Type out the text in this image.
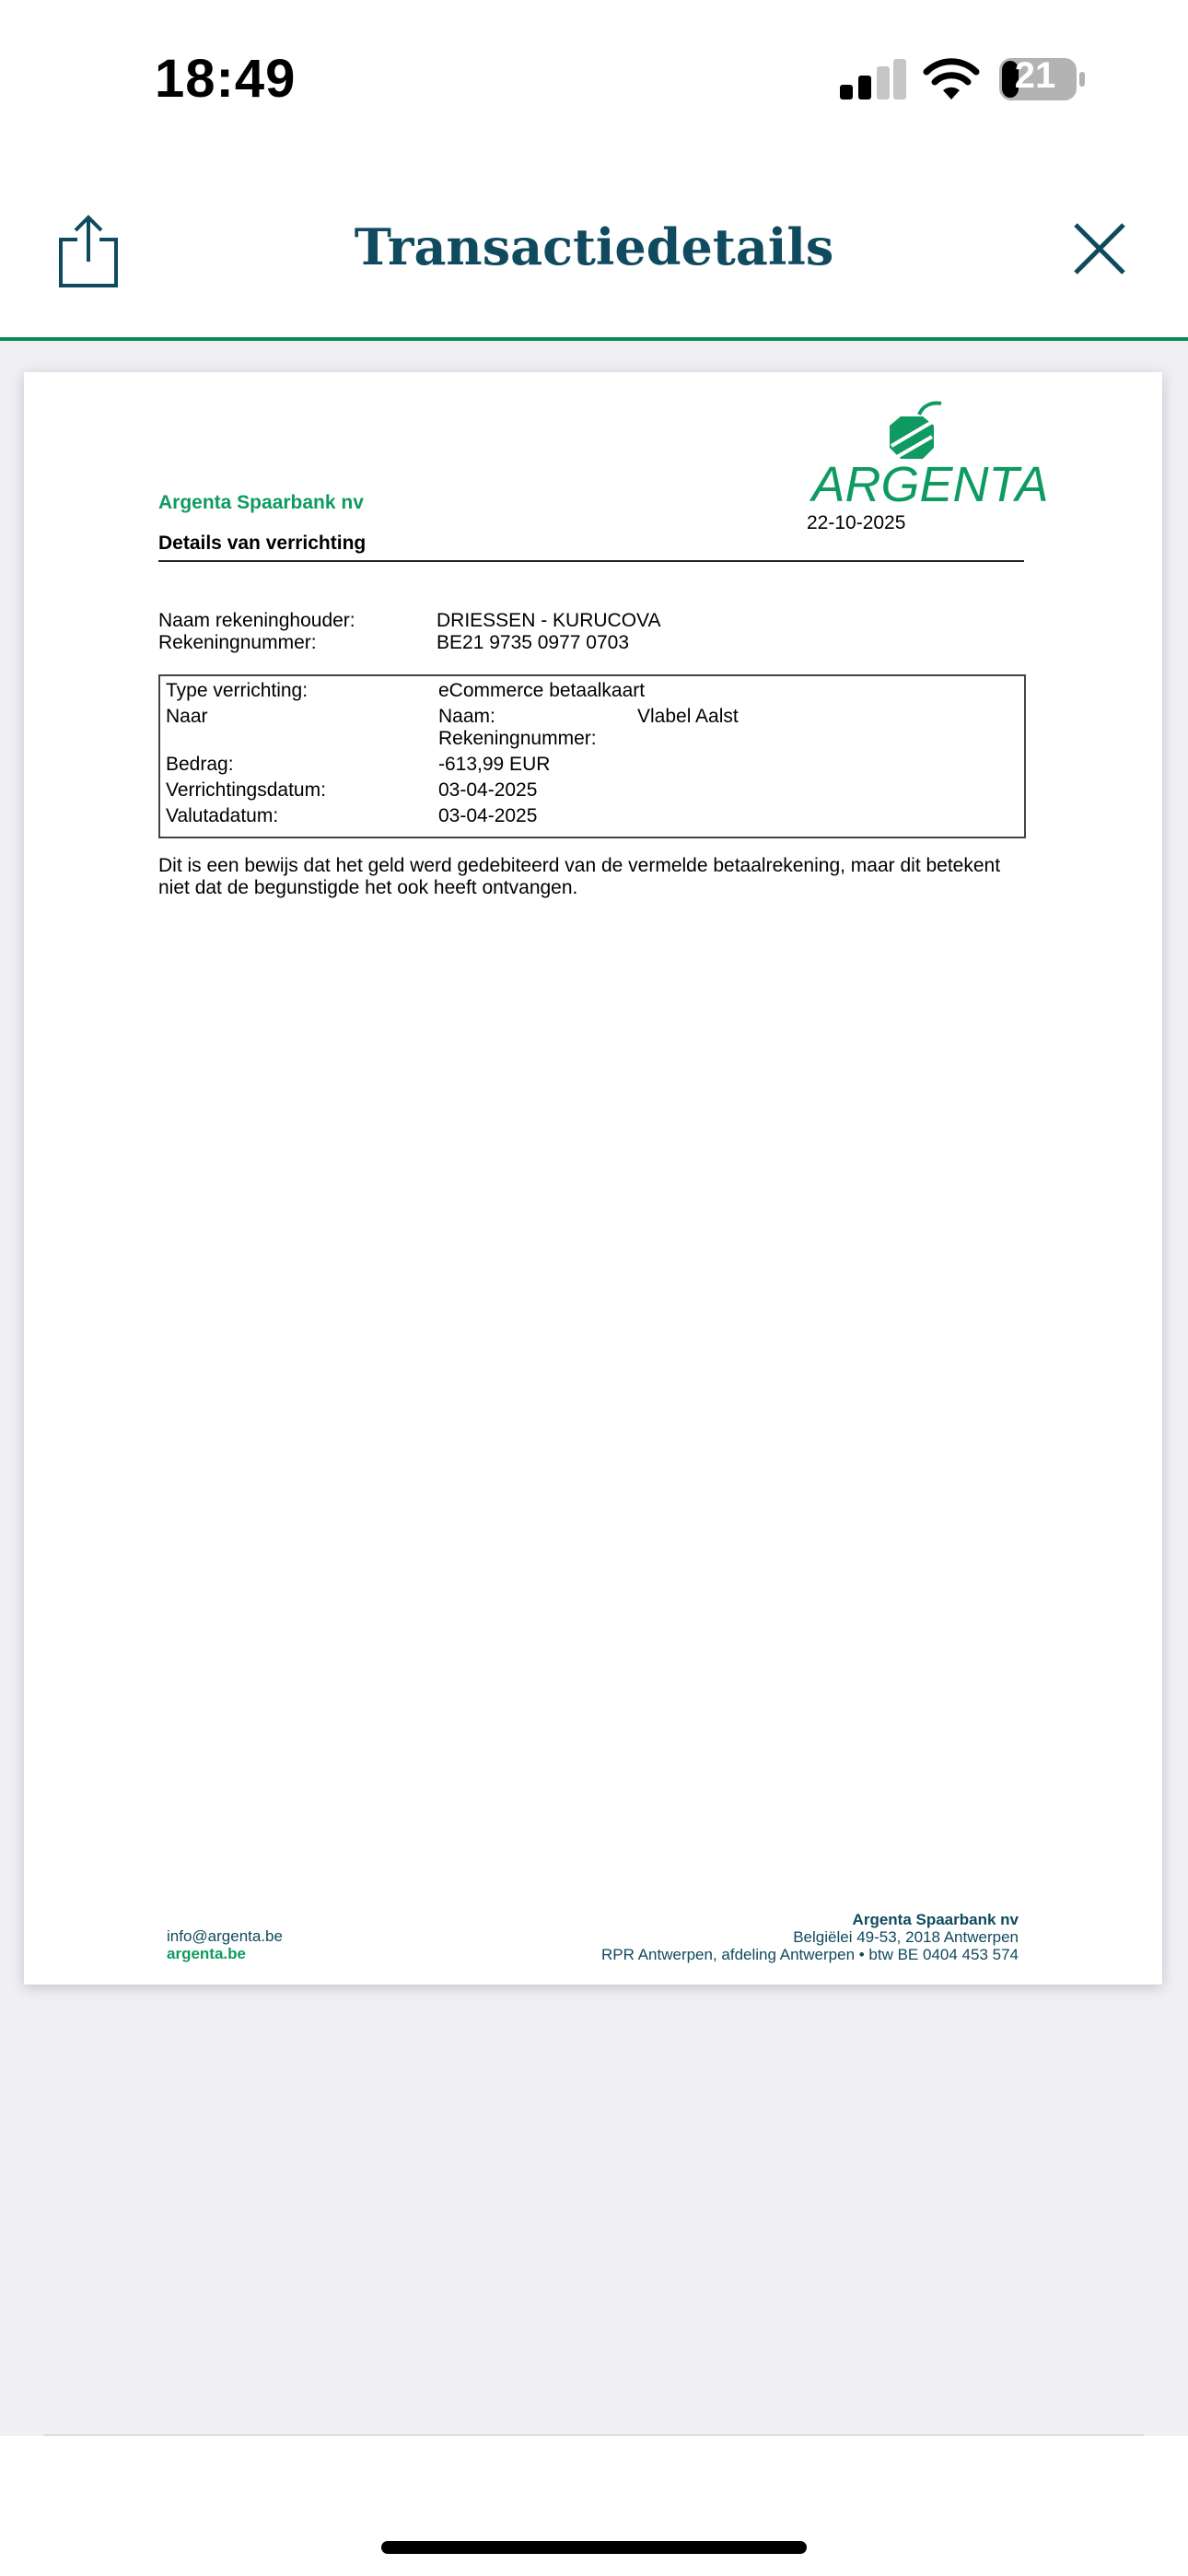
18:49	21
Transactiedetails
ARGENTA
Argenta Spaarbank nv
22-10-2025
Details van verrichting
Naam rekeninghouder:	DRIESSEN - KURUCOVA
Rekeningnummer:	BE21 9735 0977 0703
Type verrichting:	eCommerce betaalkaart
Naar	Naam:	Vlabel Aalst
Rekeningnummer:
Bedrag:	-613,99 EUR
Verrichtingsdatum:	03-04-2025
Valutadatum:	03-04-2025
Dit is een bewijs dat het geld werd gedebiteerd van de vermelde betaalrekening, maar dit betekent niet dat de begunstigde het ook heeft ontvangen.
info@argenta.be
argenta.be
Argenta Spaarbank nv
Belgiëlei 49-53, 2018 Antwerpen
RPR Antwerpen, afdeling Antwerpen • btw BE 0404 453 574
